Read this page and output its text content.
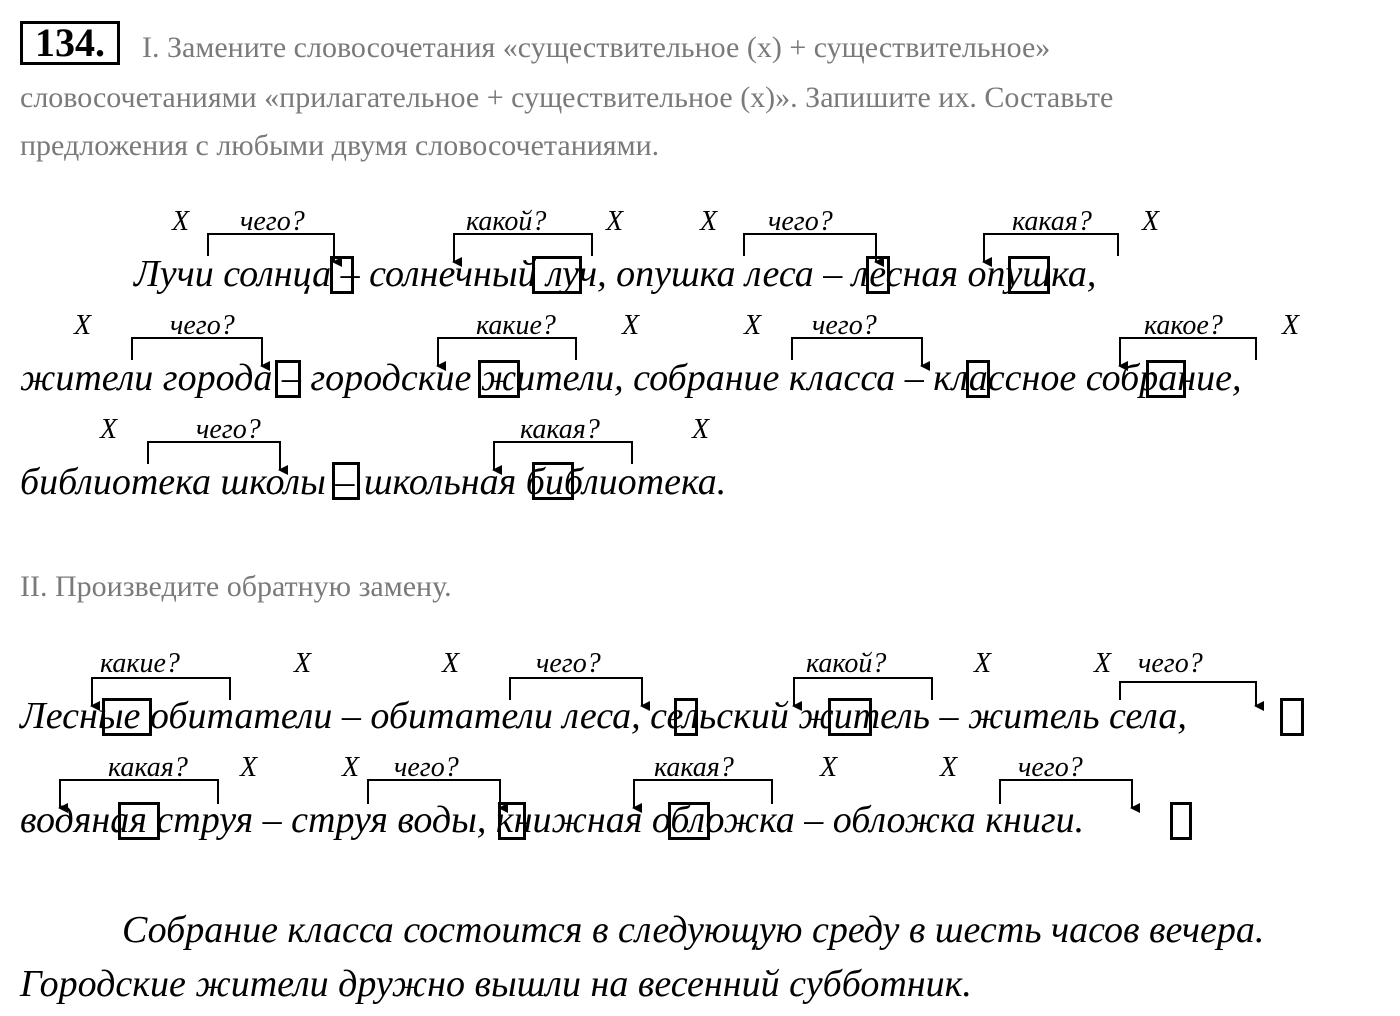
134.	I. Замените словосочетания «существительное (х) + существительное»

словосочетаниями «прилагательное + существительное (х)». Запишите их. Составьте

предложения с любыми двумя словосочетаниями.

Лучи солнца – солнечный луч, опушка леса – лесная опушка,
жители города – городские жители, собрание класса – классное собрание,
библиотека школы – школьная библиотека.
X чего?	какой? X	X чего?	какая? X
X	чего?	какие? X	X чего?	какое? X
X	чего?	какая?	X

II. Произведите обратную замену.

Лесные обитатели – обитатели леса, сельский житель – житель села,
водяная струя – струя воды, книжная обложка – обложка книги.
какие?	X	X	чего?	какой?	X	X чего?
какая? X	X чего?	какая?	X	X чего?
Собрание класса состоится в следующую среду в шесть часов вечера.
Городские жители дружно вышли на весенний субботник.
